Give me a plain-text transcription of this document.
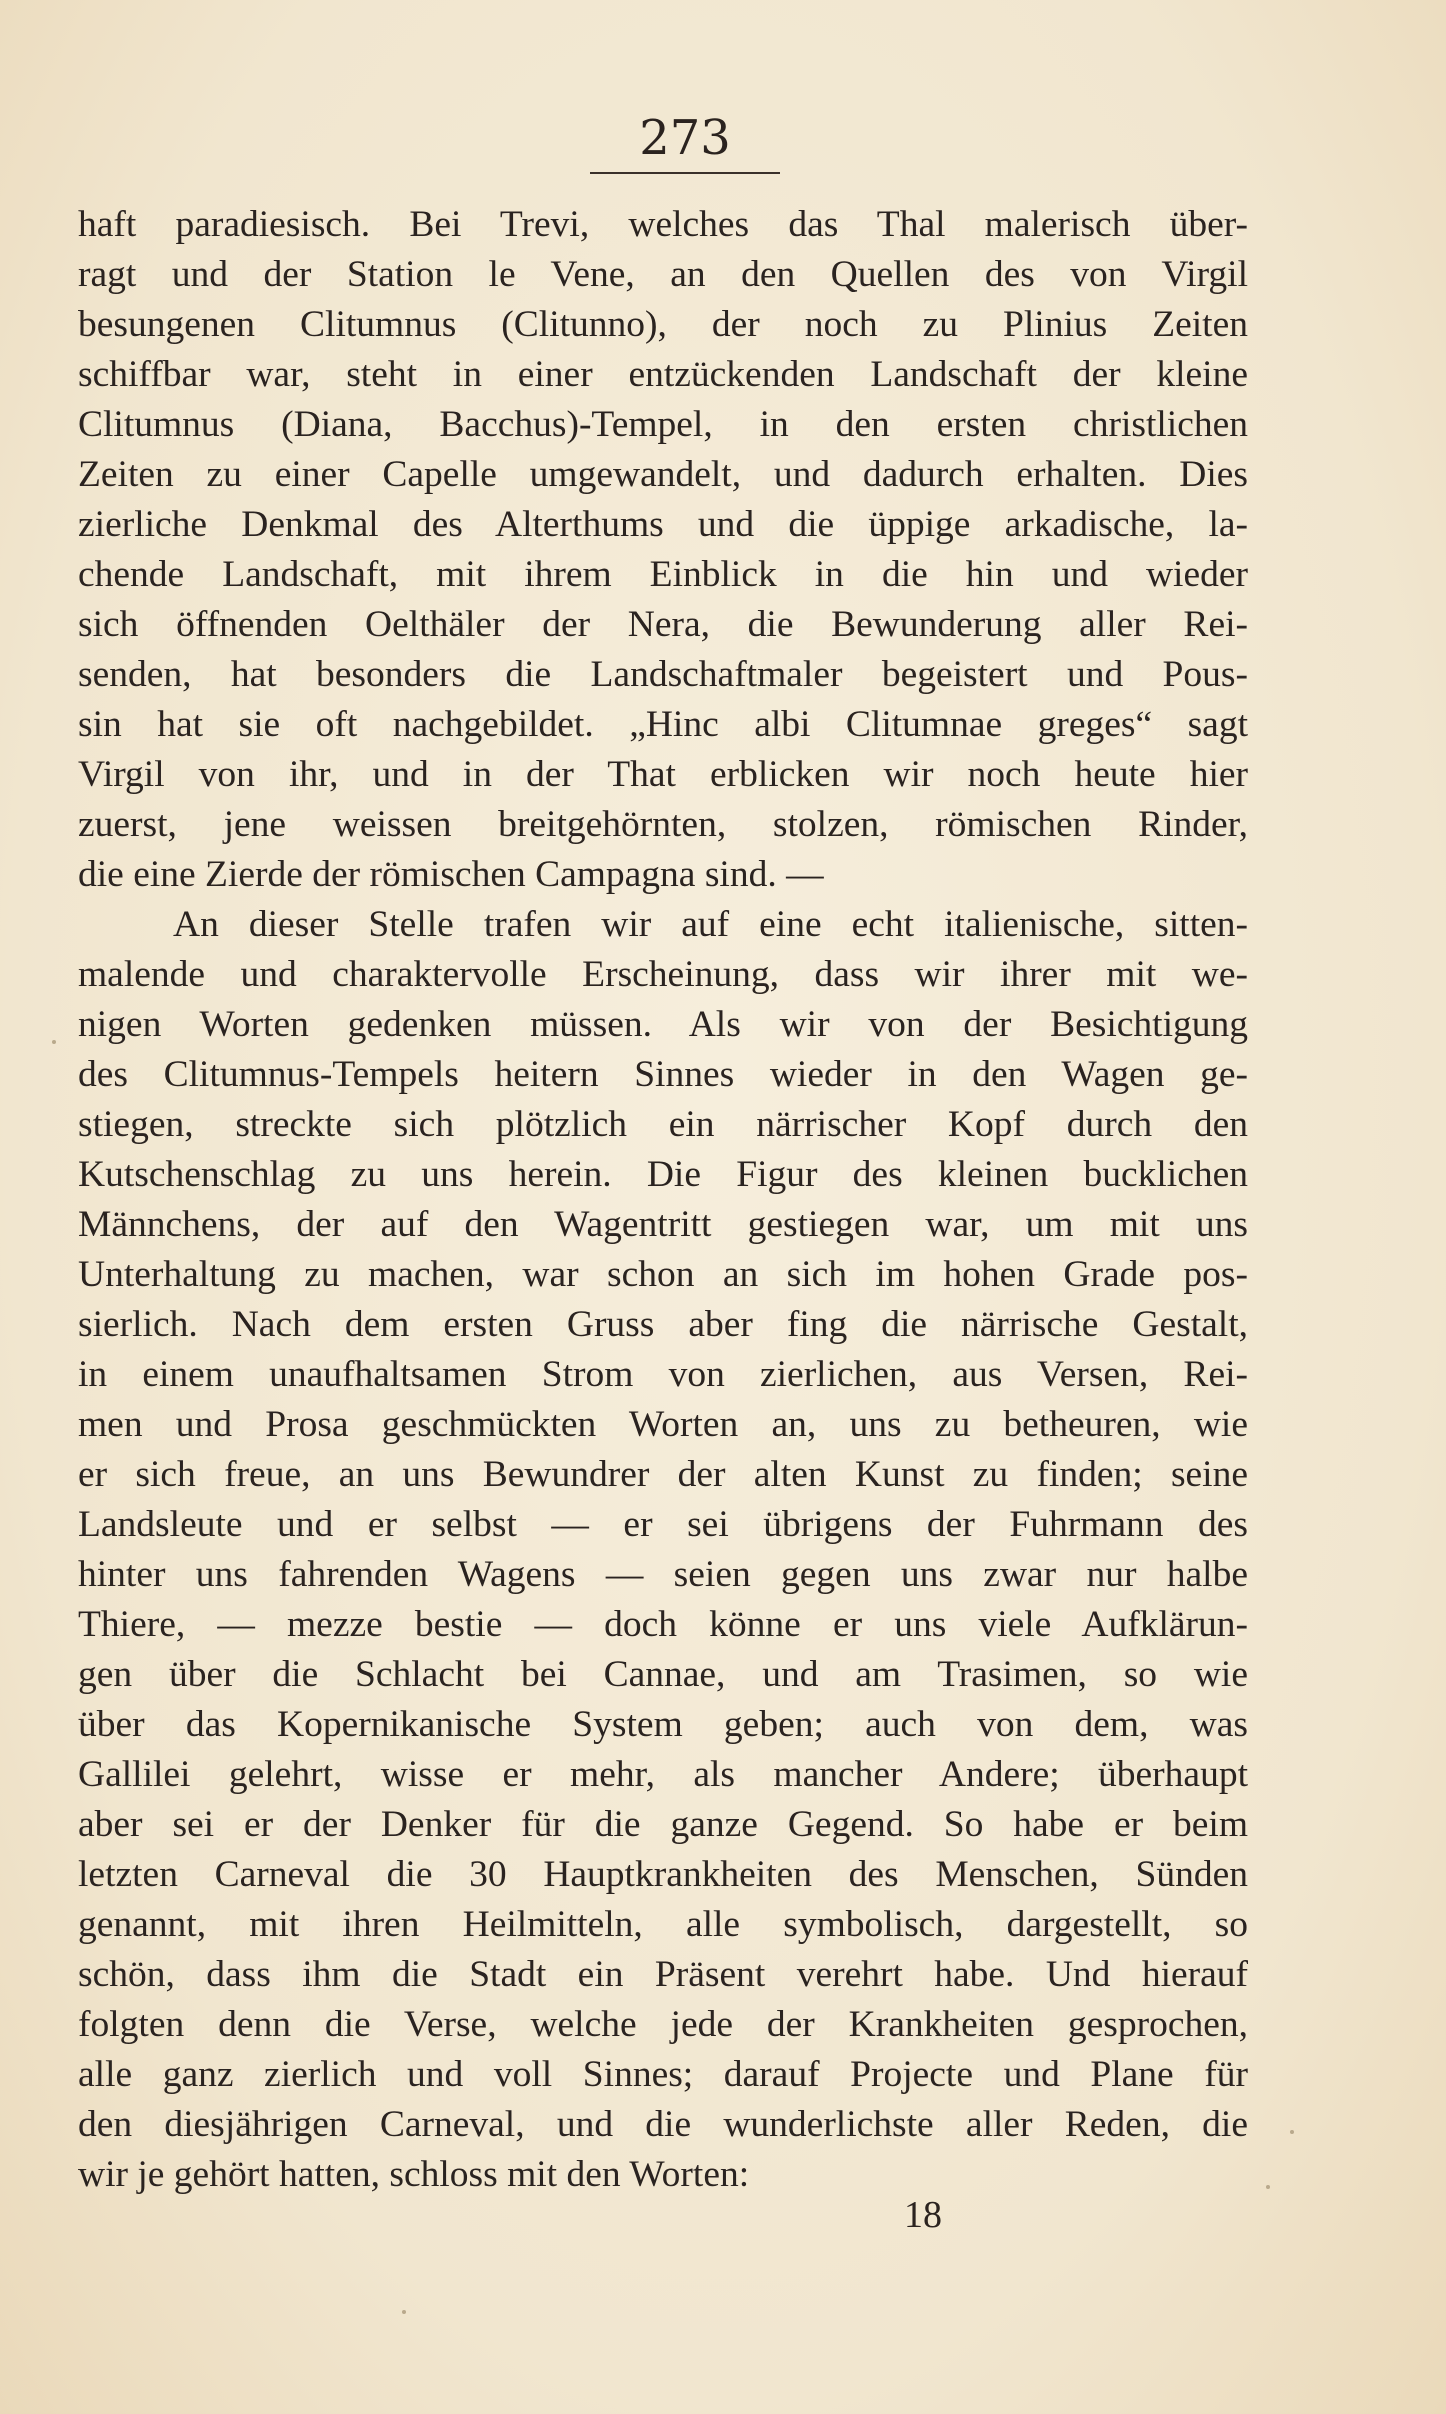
273
haft paradiesisch. Bei Trevi, welches das Thal malerisch über-
ragt und der Station le Vene, an den Quellen des von Virgil
besungenen Clitumnus (Clitunno), der noch zu Plinius Zeiten
schiffbar war, steht in einer entzückenden Landschaft der kleine
Clitumnus (Diana, Bacchus)-Tempel, in den ersten christlichen
Zeiten zu einer Capelle umgewandelt, und dadurch erhalten. Dies
zierliche Denkmal des Alterthums und die üppige arkadische, la-
chende Landschaft, mit ihrem Einblick in die hin und wieder
sich öffnenden Oelthäler der Nera, die Bewunderung aller Rei-
senden, hat besonders die Landschaftmaler begeistert und Pous-
sin hat sie oft nachgebildet. „Hinc albi Clitumnae greges“ sagt
Virgil von ihr, und in der That erblicken wir noch heute hier
zuerst, jene weissen breitgehörnten, stolzen, römischen Rinder,
die eine Zierde der römischen Campagna sind. —
An dieser Stelle trafen wir auf eine echt italienische, sitten-
malende und charaktervolle Erscheinung, dass wir ihrer mit we-
nigen Worten gedenken müssen. Als wir von der Besichtigung
des Clitumnus-Tempels heitern Sinnes wieder in den Wagen ge-
stiegen, streckte sich plötzlich ein närrischer Kopf durch den
Kutschenschlag zu uns herein. Die Figur des kleinen bucklichen
Männchens, der auf den Wagentritt gestiegen war, um mit uns
Unterhaltung zu machen, war schon an sich im hohen Grade pos-
sierlich. Nach dem ersten Gruss aber fing die närrische Gestalt,
in einem unaufhaltsamen Strom von zierlichen, aus Versen, Rei-
men und Prosa geschmückten Worten an, uns zu betheuren, wie
er sich freue, an uns Bewundrer der alten Kunst zu finden; seine
Landsleute und er selbst — er sei übrigens der Fuhrmann des
hinter uns fahrenden Wagens — seien gegen uns zwar nur halbe
Thiere, — mezze bestie — doch könne er uns viele Aufklärun-
gen über die Schlacht bei Cannae, und am Trasimen, so wie
über das Kopernikanische System geben; auch von dem, was
Gallilei gelehrt, wisse er mehr, als mancher Andere; überhaupt
aber sei er der Denker für die ganze Gegend. So habe er beim
letzten Carneval die 30 Hauptkrankheiten des Menschen, Sünden
genannt, mit ihren Heilmitteln, alle symbolisch, dargestellt, so
schön, dass ihm die Stadt ein Präsent verehrt habe. Und hierauf
folgten denn die Verse, welche jede der Krankheiten gesprochen,
alle ganz zierlich und voll Sinnes; darauf Projecte und Plane für
den diesjährigen Carneval, und die wunderlichste aller Reden, die
wir je gehört hatten, schloss mit den Worten:
18
